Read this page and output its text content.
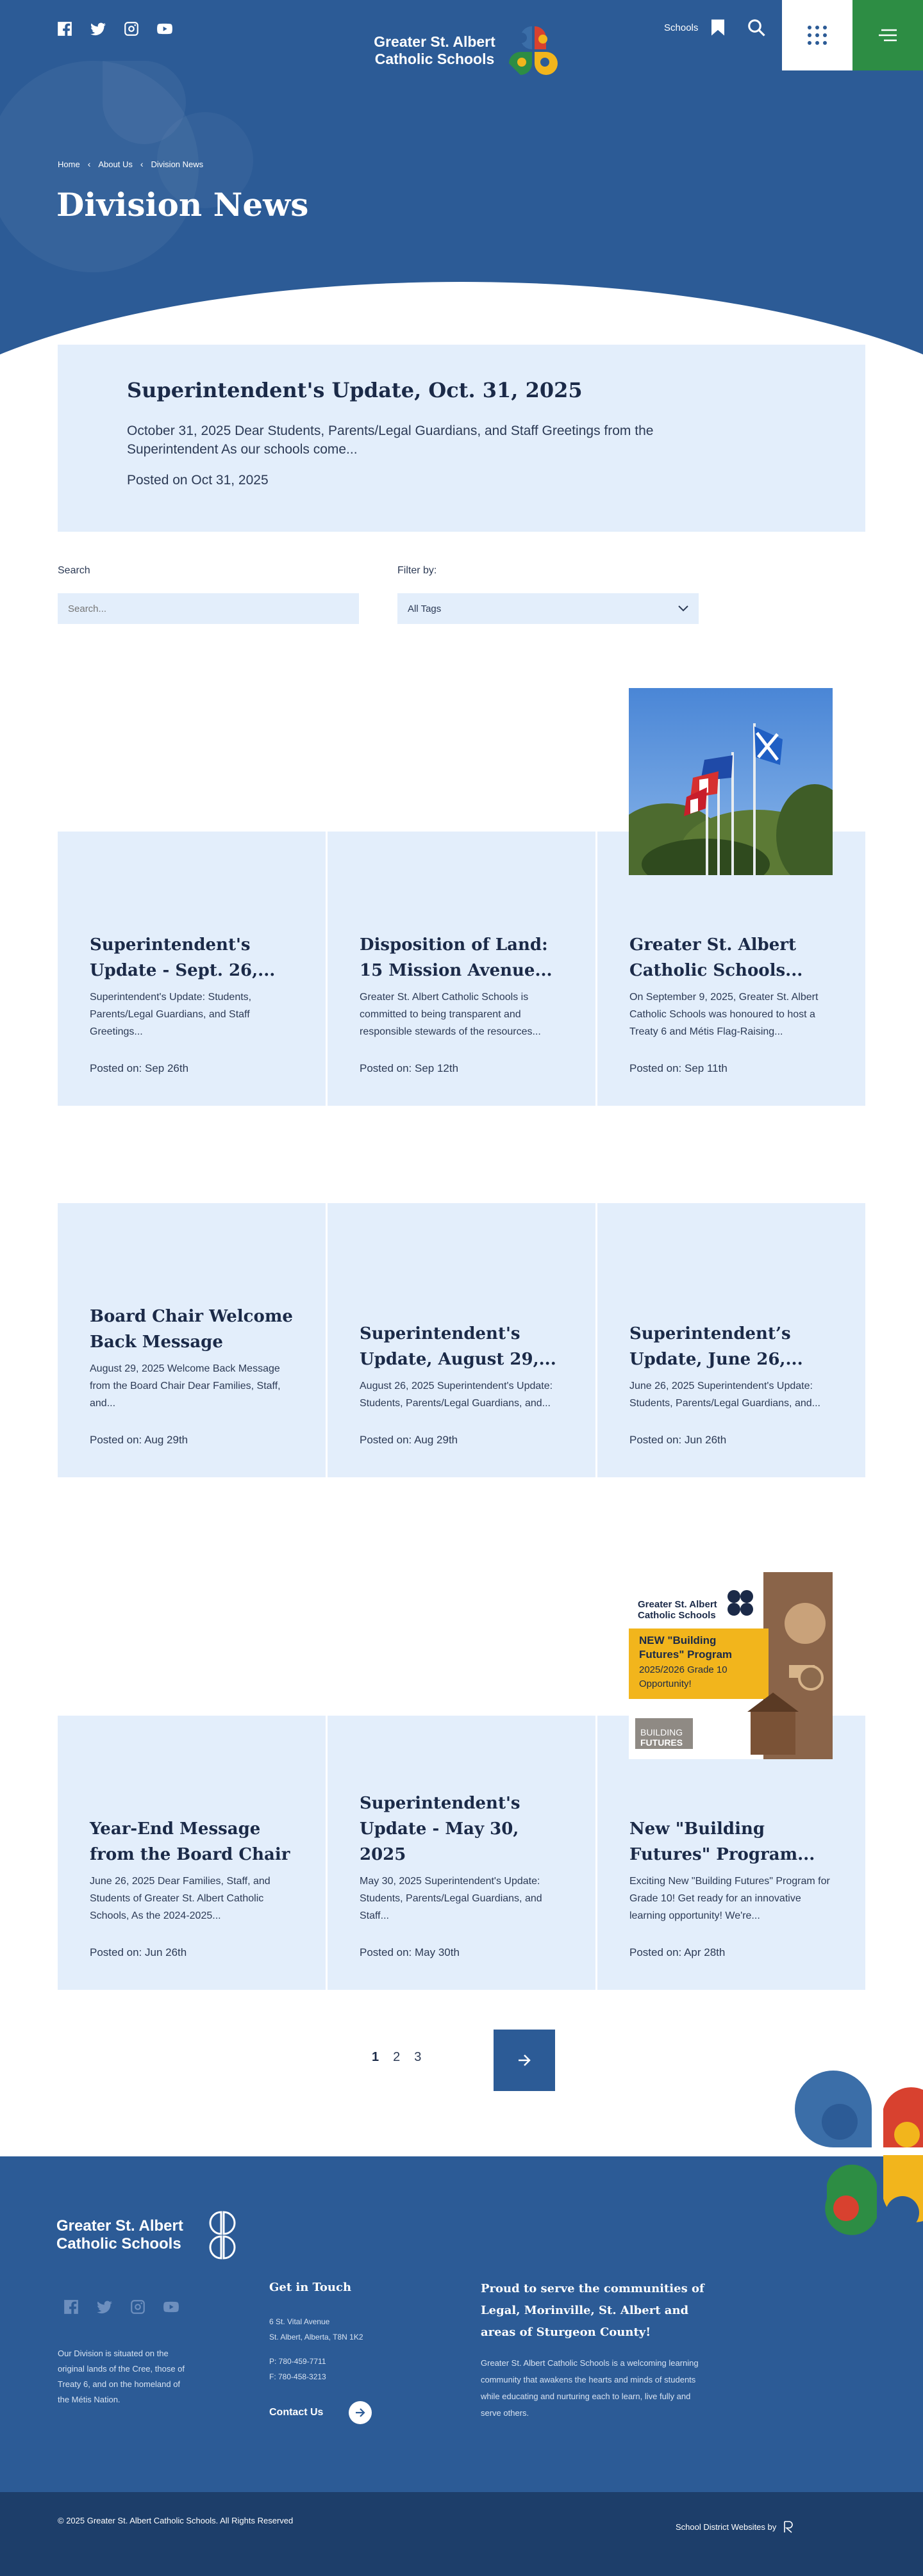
Greater St. Albert
Catholic Schools
Schools
Home ‹ About Us ‹ Division News
Division News
Superintendent's Update, Oct. 31, 2025

October 31, 2025 Dear Students, Parents/Legal Guardians, and Staff Greetings from the Superintendent As our schools come...

Posted on Oct 31, 2025
Search
Search...	Filter by:
All Tags
Superintendent's Update - Sept. 26,...

Superintendent's Update: Students, Parents/Legal Guardians, and Staff Greetings...

Posted on: Sep 26th
Disposition of Land: 15 Mission Avenue...

Greater St. Albert Catholic Schools is committed to being transparent and responsible stewards of the resources...

Posted on: Sep 12th
Greater St. Albert Catholic Schools...

On September 9, 2025, Greater St. Albert Catholic Schools was honoured to host a Treaty 6 and Métis Flag-Raising...

Posted on: Sep 11th
Board Chair Welcome Back Message

August 29, 2025 Welcome Back Message from the Board Chair Dear Families, Staff, and...

Posted on: Aug 29th
Superintendent's Update, August 29,...

August 26, 2025 Superintendent's Update: Students, Parents/Legal Guardians, and...

Posted on: Aug 29th
Superintendent’s Update, June 26,...

June 26, 2025 Superintendent's Update: Students, Parents/Legal Guardians, and...

Posted on: Jun 26th
Year-End Message from the Board Chair

June 26, 2025 Dear Families, Staff, and Students of Greater St. Albert Catholic Schools, As the 2024-2025...

Posted on: Jun 26th
Superintendent's Update - May 30, 2025

May 30, 2025 Superintendent's Update: Students, Parents/Legal Guardians, and Staff...

Posted on: May 30th
New "Building Futures" Program...

Exciting New "Building Futures" Program for Grade 10! Get ready for an innovative learning opportunity! We're...

Posted on: Apr 28th
Greater St. Albert
Catholic Schools
NEW "Building
Futures" Program
2025/2026 Grade 10
Opportunity!
BUILDING
FUTURES
1 2 3
Greater St. Albert
Catholic Schools
Our Division is situated on the original lands of the Cree, those of Treaty 6, and on the homeland of the Métis Nation.
Get in Touch
6 St. Vital Avenue
St. Albert, Alberta, T8N 1K2
P: 780-459-7711
F: 780-458-3213
Contact Us
Proud to serve the communities of Legal, Morinville, St. Albert and areas of Sturgeon County!
Greater St. Albert Catholic Schools is a welcoming learning community that awakens the hearts and minds of students while educating and nurturing each to learn, live fully and serve others.
© 2025 Greater St. Albert Catholic Schools. All Rights Reserved
School District Websites by
